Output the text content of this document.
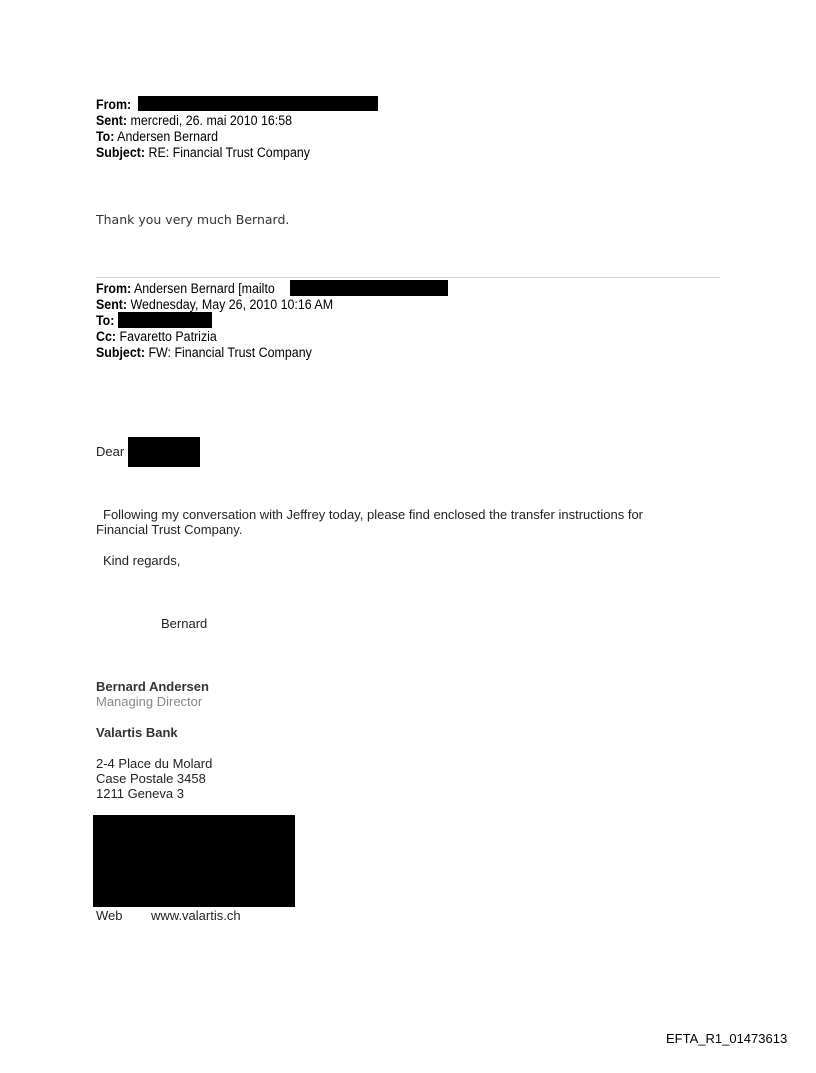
From:
Sent: mercredi, 26. mai 2010 16:58
To: Andersen Bernard
Subject: RE: Financial Trust Company
Thank you very much Bernard.
From: Andersen Bernard [mailto
Sent: Wednesday, May 26, 2010 10:16 AM
To:
Cc: Favaretto Patrizia
Subject: FW: Financial Trust Company
Dear
Following my conversation with Jeffrey today, please find enclosed the transfer instructions for
Financial Trust Company.
Kind regards,
Bernard
Bernard Andersen
Managing Director
Valartis Bank
2-4 Place du Molard
Case Postale 3458
1211 Geneva 3
Web www.valartis.ch
EFTA_R1_01473613
